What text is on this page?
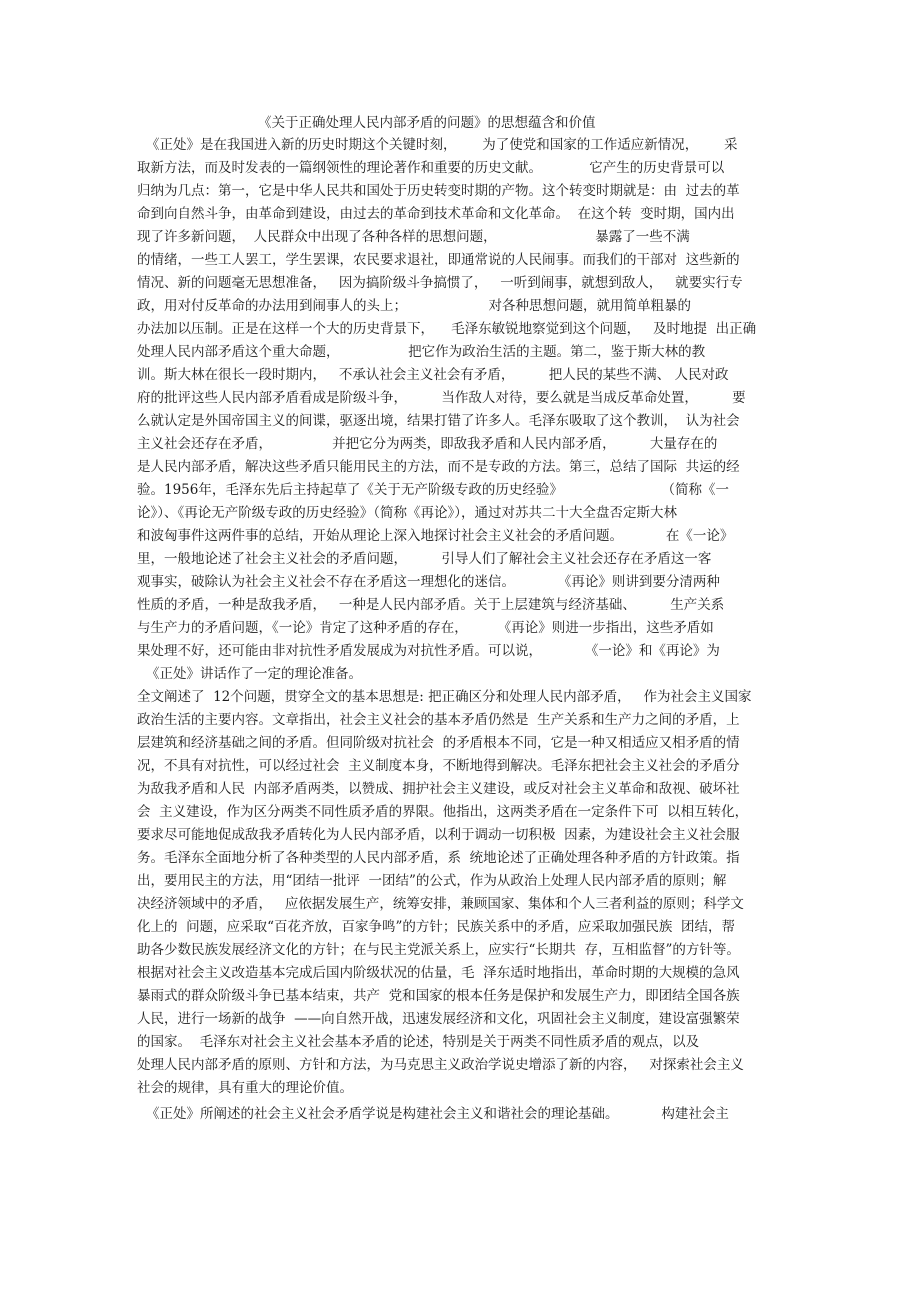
《关于正确处理人民内部矛盾的问题》的思想蕴含和价值
《正处》是在我国进入新的历史时期这个关键时刻，      为了使党和国家的工作适应新情况，      采
取新方法，而及时发表的一篇纲领性的理论著作和重要的历史文献。           它产生的历史背景可以
归纳为几点：第一，它是中华人民共和国处于历史转变时期的产物。这个转变时期就是：由  过去的革
命到向自然斗争，由革命到建设，由过去的革命到技术革命和文化革命。  在这个转  变时期，国内出
现了许多新问题，  人民群众中出现了各种各样的思想问题，                       暴露了一些不满
的情绪，一些工人罢工，学生罢课，农民要求退社，即通常说的人民闹事。而我们的干部对  这些新的
情况、新的问题毫无思想准备，   因为搞阶级斗争搞惯了，   一听到闹事，就想到敌人，   就要实行专
政，用对付反革命的办法用到闹事人的头上；                   对各种思想问题，就用简单粗暴的
办法加以压制。正是在这样一个大的历史背景下，    毛泽东敏锐地察觉到这个问题，   及时地提  出正确
处理人民内部矛盾这个重大命题，                把它作为政治生活的主题。第二，鉴于斯大林的教
训。斯大林在很长一段时期内，   不承认社会主义社会有矛盾，        把人民的某些不满、 人民对政
府的批评这些人民内部矛盾看成是阶级斗争，        当作敌人对待，要么就是当成反革命处置，        要
么就认定是外国帝国主义的间谍，驱逐出境，结果打错了许多人。毛泽东吸取了这个教训，  认为社会
主义社会还存在矛盾，              并把它分为两类，即敌我矛盾和人民内部矛盾，        大量存在的
是人民内部矛盾，解决这些矛盾只能用民主的方法，而不是专政的方法。第三，总结了国际  共运的经
验。1956年，毛泽东先后主持起草了《关于无产阶级专政的历史经验》                       （简称《一
论》）、《再论无产阶级专政的历史经验》（简称《再论》），通过对苏共二十大全盘否定斯大林
和波匈事件这两件事的总结，开始从理论上深入地探讨社会主义社会的矛盾问题。          在《一论》
里，一般地论述了社会主义社会的矛盾问题，        引导人们了解社会主义社会还存在矛盾这一客
观事实，破除认为社会主义社会不存在矛盾这一理想化的迷信。          《再论》则讲到要分清两种
性质的矛盾，一种是敌我矛盾，   一种是人民内部矛盾。关于上层建筑与经济基础、        生产关系
与生产力的矛盾问题，《一论》肯定了这种矛盾的存在，       《再论》则进一步指出，这些矛盾如
果处理不好，还可能由非对抗性矛盾发展成为对抗性矛盾。可以说，          《一论》和《再论》为
《正处》讲话作了一定的理论准备。
全文阐述了  12个问题，贯穿全文的基本思想是: 把正确区分和处理人民内部矛盾，   作为社会主义国家
政治生活的主要内容。文章指出，社会主义社会的基本矛盾仍然是  生产关系和生产力之间的矛盾，上
层建筑和经济基础之间的矛盾。但同阶级对抗社会  的矛盾根本不同，它是一种又相适应又相矛盾的情
况，不具有对抗性，可以经过社会  主义制度本身，不断地得到解决。毛泽东把社会主义社会的矛盾分
为敌我矛盾和人民  内部矛盾两类，以赞成、拥护社会主义建设，或反对社会主义革命和敌视、破坏社
会  主义建设，作为区分两类不同性质矛盾的界限。他指出，这两类矛盾在一定条件下可  以相互转化，
要求尽可能地促成敌我矛盾转化为人民内部矛盾，以利于调动一切积极  因素，为建设社会主义社会服
务。毛泽东全面地分析了各种类型的人民内部矛盾，系  统地论述了正确处理各种矛盾的方针政策。指
出，要用民主的方法，用“团结一批评  一团结”的公式，作为从政治上处理人民内部矛盾的原则；解
决经济领域中的矛盾，   应依据发展生产，统筹安排，兼顾国家、集体和个人三者利益的原则；科学文
化上的  问题，应采取“百花齐放，百家争鸣”的方针；民族关系中的矛盾，应采取加强民族  团结，帮
助各少数民族发展经济文化的方针；在与民主党派关系上，应实行“长期共  存，互相监督”的方针等。
根据对社会主义改造基本完成后国内阶级状况的估量，毛  泽东适时地指出，革命时期的大规模的急风
暴雨式的群众阶级斗争已基本结束，共产  党和国家的根本任务是保护和发展生产力，即团结全国各族
人民，进行一场新的战争  ——向自然开战，迅速发展经济和文化，巩固社会主义制度，建设富强繁荣
的国家。  毛泽东对社会主义社会基本矛盾的论述，特别是关于两类不同性质矛盾的观点，以及
处理人民内部矛盾的原则、方针和方法，为马克思主义政治学说史增添了新的内容，   对探索社会主义
社会的规律，具有重大的理论价值。
《正处》所阐述的社会主义社会矛盾学说是构建社会主义和谐社会的理论基础。          构建社会主
